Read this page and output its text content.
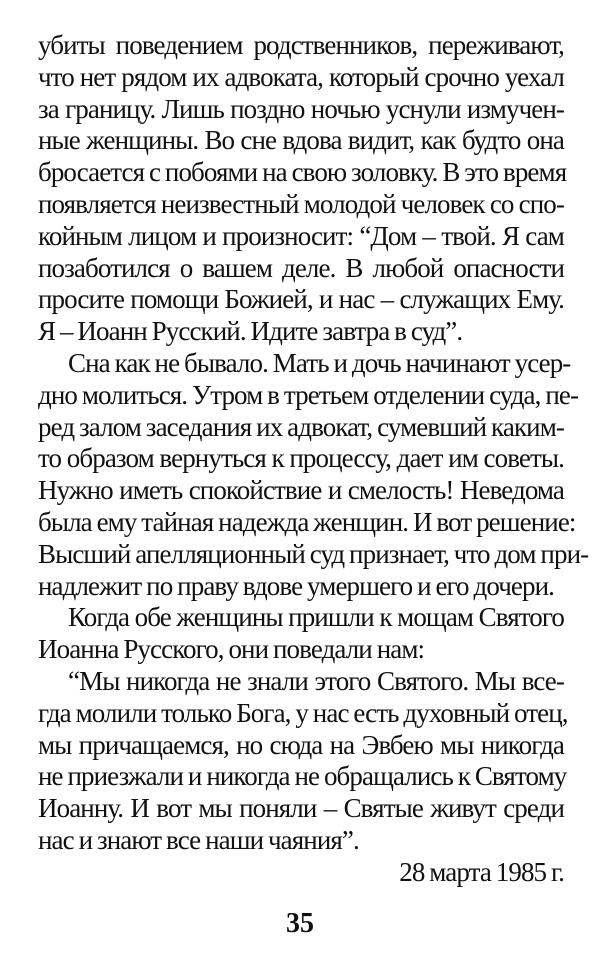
убиты поведением родственников, переживают,
что нет рядом их адвоката, который срочно уехал
за границу. Лишь поздно ночью уснули измучен-
ные женщины. Во сне вдова видит, как будто она
бросается с побоями на свою золовку. В это время
появляется неизвестный молодой человек со спо-
койным лицом и произносит: “Дом – твой. Я сам
позаботился о вашем деле. В любой опасности
просите помощи Божией, и нас – служащих Ему.
Я – Иоанн Русский. Идите завтра в суд”.
Сна как не бывало. Мать и дочь начинают усер-
дно молиться. Утром в третьем отделении суда, пе-
ред залом заседания их адвокат, сумевший каким-
то образом вернуться к процессу, дает им советы.
Нужно иметь спокойствие и смелость! Неведома
была ему тайная надежда женщин. И вот решение:
Высший апелляционный суд признает, что дом при-
надлежит по праву вдове умершего и его дочери.
Когда обе женщины пришли к мощам Святого
Иоанна Русского, они поведали нам:
“Мы никогда не знали этого Святого. Мы все-
гда молили только Бога, у нас есть духовный отец,
мы причащаемся, но сюда на Эвбею мы никогда
не приезжали и никогда не обращались к Святому
Иоанну. И вот мы поняли – Святые живут среди
нас и знают все наши чаяния”.
28 марта 1985 г.
35
